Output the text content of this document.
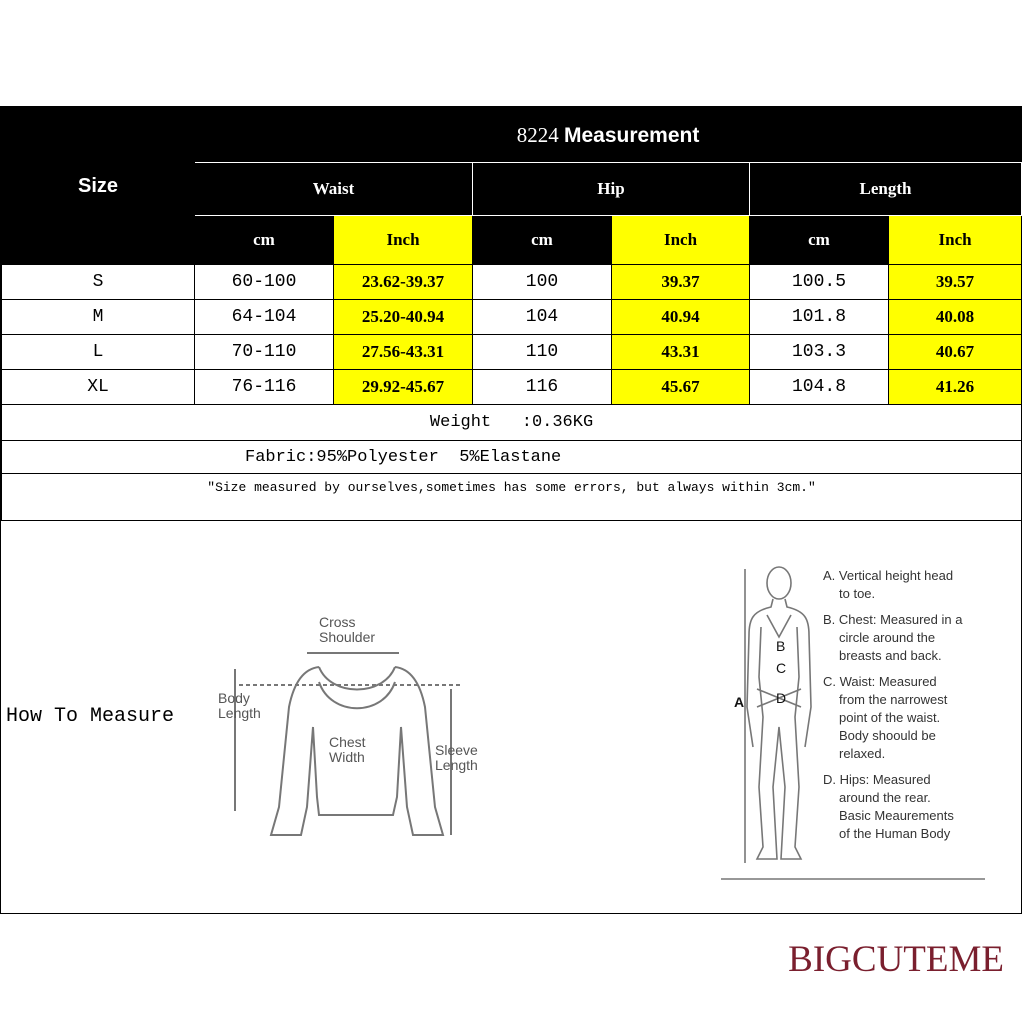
Size	8224 Measurement					
	Waist		Hip		Length	
	cm	Inch	cm	Inch	cm	Inch
S	60-100	23.62-39.37	100	39.37	100.5	39.57
M	64-104	25.20-40.94	104	40.94	101.8	40.08
L	70-110	27.56-43.31	110	43.31	103.3	40.67
XL	76-116	29.92-45.67	116	45.67	104.8	41.26
Weight   :0.36KG						
Fabric:95%Polyester  5%Elastane						
"Size measured by ourselves,sometimes has some errors, but always within 3cm."						
How To Measure
Cross
Shoulder
Body
Length
Chest
Width	Sleeve
Length
A
B
C
D
A. Vertical height head
to toe.
B. Chest: Measured in a
circle around the
breasts and back.
C. Waist: Measured
from the narrowest
point of the waist.
Body shoould be
relaxed.
D. Hips: Measured
around the rear.
Basic Meaurements
of the Human Body
BIGCUTEME
